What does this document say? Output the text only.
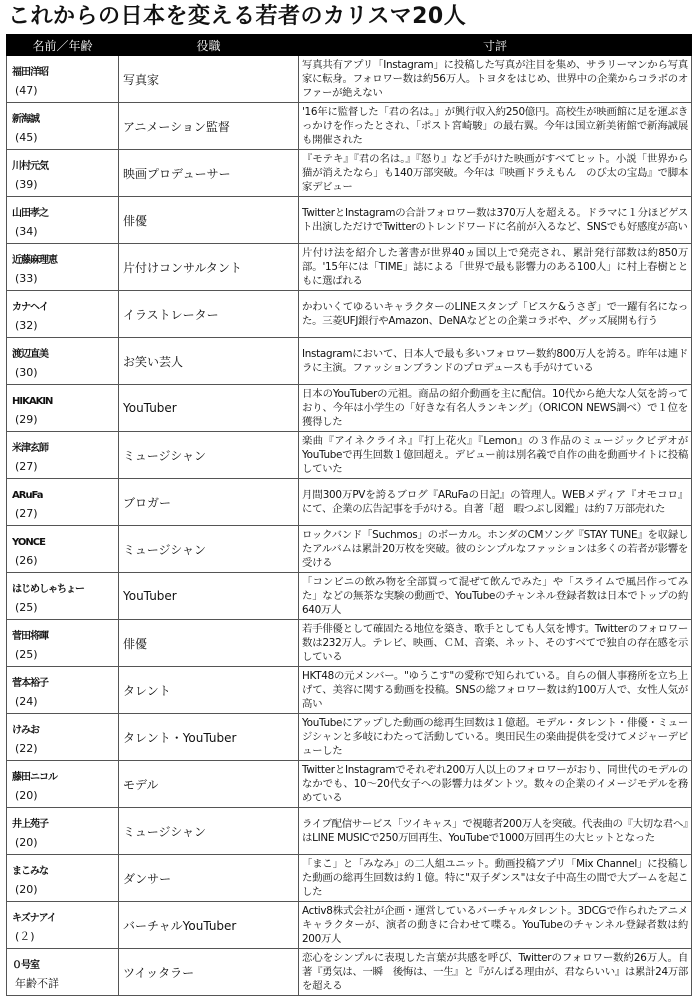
これからの日本を変える若者のカリスマ20人
名前／年齢	役職	寸評

福田洋昭
(47)	写真家	写真共有アプリ「Instagram」に投稿した写真が注目を集め、サラリーマンから写真家に転身。フォロワー数は約56万人。トヨタをはじめ、世界中の企業からコラボのオファーが絶えない

新海誠
(45)	アニメーション監督	'16年に監督した「君の名は。」が興行収入約250億円。高校生が映画館に足を運ぶきっかけを作ったとされ、「ポスト宮崎駿」の最右翼。今年は国立新美術館で新海誠展も開催された

川村元気
(39)	映画プロデューサー	『モテキ』『君の名は。』『怒り』など手がけた映画がすべてヒット。小説「世界から猫が消えたなら」も140万部突破。今年は『映画ドラえもん　のび太の宝島』で脚本家デビュー

山田孝之
(34)	俳優	TwitterとInstagramの合計フォロワー数は370万人を超える。ドラマに１分ほどゲスト出演しただけでTwitterのトレンドワードに名前が入るなど、SNSでも好感度が高い

近藤麻理恵
(33)	片付けコンサルタント	片付け法を紹介した著書が世界40ヵ国以上で発売され、累計発行部数は約850万部。'15年には「TIME」誌による「世界で最も影響力のある100人」に村上春樹とともに選ばれる

カナヘイ
(32)	イラストレーター	かわいくてゆるいキャラクターのLINEスタンプ「ピスケ&うさぎ」で一躍有名になった。三菱UFJ銀行やAmazon、DeNAなどとの企業コラボや、グッズ展開も行う

渡辺直美
(30)	お笑い芸人	Instagramにおいて、日本人で最も多いフォロワー数約800万人を誇る。昨年は連ドラに主演。ファッションブランドのプロデュースも手がけている

HIKAKIN
(29)	YouTuber	日本のYouTuberの元祖。商品の紹介動画を主に配信。10代から絶大な人気を誇っており、今年は小学生の「好きな有名人ランキング」（ORICON NEWS調べ）で１位を獲得した

米津玄師
(27)	ミュージシャン	楽曲『アイネクライネ』『打上花火』『Lemon』の３作品のミュージックビデオがYouTubeで再生回数１億回超え。デビュー前は別名義で自作の曲を動画サイトに投稿していた

ARuFa
(27)	ブロガー	月間300万PVを誇るブログ『ARuFaの日記』の管理人。WEBメディア『オモコロ』にて、企業の広告記事を手がける。自著「超　暇つぶし図鑑」は約７万部売れた

YONCE
(26)	ミュージシャン	ロックバンド「Suchmos」のボーカル。ホンダのCMソング『STAY TUNE』を収録したアルバムは累計20万枚を突破。彼のシンプルなファッションは多くの若者が影響を受ける

はじめしゃちょー
(25)	YouTuber	「コンビニの飲み物を全部買って混ぜて飲んでみた」や「スライムで風呂作ってみた」などの無茶な実験の動画で、YouTubeのチャンネル登録者数は日本でトップの約640万人

菅田将暉
(25)	俳優	若手俳優として確固たる地位を築き、歌手としても人気を博す。Twitterのフォロワー数は232万人。テレビ、映画、ＣＭ、音楽、ネット、そのすべてで独自の存在感を示している

菅本裕子
(24)	タレント	HKT48の元メンバー。"ゆうこす"の愛称で知られている。自らの個人事務所を立ち上げて、美容に関する動画を投稿。SNSの総フォロワー数は約100万人で、女性人気が高い

けみお
(22)	タレント・YouTuber	YouTubeにアップした動画の総再生回数は１億超。モデル・タレント・俳優・ミュージシャンと多岐にわたって活動している。奥田民生の楽曲提供を受けてメジャーデビューした

藤田ニコル
(20)	モデル	TwitterとInstagramでそれぞれ200万人以上のフォロワーがおり、同世代のモデルのなかでも、10〜20代女子への影響力はダントツ。数々の企業のイメージモデルを務めている

井上苑子
(20)	ミュージシャン	ライブ配信サービス「ツイキャス」で視聴者200万人を突破。代表曲の『大切な君へ』はLINE MUSICで250万回再生、YouTubeで1000万回再生の大ヒットとなった

まこみな
(20)	ダンサー	「まこ」と「みなみ」の二人組ユニット。動画投稿アプリ「Mix Channel」に投稿した動画の総再生回数は約１億。特に"双子ダンス"は女子中高生の間で大ブームを起こした

キズナアイ
(２)	バーチャルYouTuber	Activ8株式会社が企画・運営しているバーチャルタレント。3DCGで作られたアニメキャラクターが、演者の動きに合わせて喋る。YouTubeのチャンネル登録者数は約200万人

０号室
年齢不詳	ツイッタラー	恋心をシンプルに表現した言葉が共感を呼び、Twitterのフォロワー数約26万人。自著『勇気は、一瞬　後悔は、一生』と『がんばる理由が、君ならいい』は累計24万部を超える
